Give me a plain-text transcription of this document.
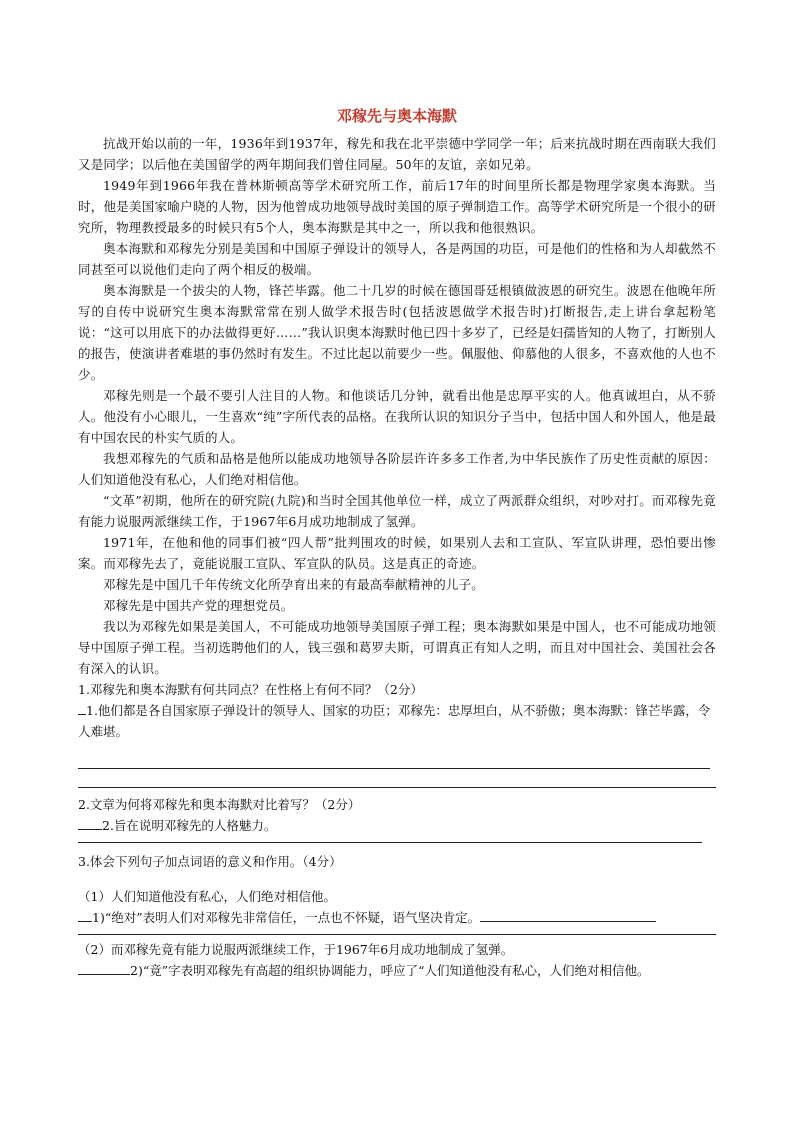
邓稼先与奥本海默

抗战开始以前的一年，1936年到1937年，稼先和我在北平崇德中学同学一年；后来抗战时期在西南联大我们又是同学；以后他在美国留学的两年期间我们曾住同屋。50年的友谊，亲如兄弟。

1949年到1966年我在普林斯顿高等学术研究所工作，前后17年的时间里所长都是物理学家奥本海默。当时，他是美国家喻户晓的人物，因为他曾成功地领导战时美国的原子弹制造工作。高等学术研究所是一个很小的研究所，物理教授最多的时候只有5个人，奥本海默是其中之一，所以我和他很熟识。

奥本海默和邓稼先分别是美国和中国原子弹设计的领导人，各是两国的功臣，可是他们的性格和为人却截然不同甚至可以说他们走向了两个相反的极端。

奥本海默是一个拔尖的人物，锋芒毕露。他二十几岁的时候在德国哥廷根镇做波恩的研究生。波恩在他晚年所写的自传中说研究生奥本海默常常在别人做学术报告时(包括波恩做学术报告时)打断报告,走上讲台拿起粉笔说：“这可以用底下的办法做得更好……”我认识奥本海默时他已四十多岁了，已经是妇孺皆知的人物了，打断别人的报告，使演讲者难堪的事仍然时有发生。不过比起以前要少一些。佩服他、仰慕他的人很多，不喜欢他的人也不少。

邓稼先则是一个最不要引人注目的人物。和他谈话几分钟，就看出他是忠厚平实的人。他真诚坦白，从不骄人。他没有小心眼儿，一生喜欢“纯”字所代表的品格。在我所认识的知识分子当中，包括中国人和外国人，他是最有中国农民的朴实气质的人。

我想邓稼先的气质和品格是他所以能成功地领导各阶层许许多多工作者,为中华民族作了历史性贡献的原因：人们知道他没有私心，人们绝对相信他。

“文革”初期，他所在的研究院(九院)和当时全国其他单位一样，成立了两派群众组织，对吵对打。而邓稼先竟有能力说服两派继续工作，于1967年6月成功地制成了氢弹。

1971年，在他和他的同事们被“四人帮”批判围攻的时候，如果别人去和工宣队、军宣队讲理，恐怕要出惨案。而邓稼先去了，竟能说服工宣队、军宣队的队员。这是真正的奇迹。

邓稼先是中国几千年传统文化所孕育出来的有最高奉献精神的儿子。

邓稼先是中国共产党的理想党员。

我以为邓稼先如果是美国人，不可能成功地领导美国原子弹工程；奥本海默如果是中国人，也不可能成功地领导中国原子弹工程。当初选聘他们的人，钱三强和葛罗夫斯，可谓真正有知人之明，而且对中国社会、美国社会各有深入的认识。

1.邓稼先和奥本海默有何共同点？在性格上有何不同？（2分）

1.他们都是各自国家原子弹设计的领导人、国家的功臣；邓稼先：忠厚坦白，从不骄傲；奥本海默：锋芒毕露，令人难堪。

2.文章为何将邓稼先和奥本海默对比着写？（2分）

2.旨在说明邓稼先的人格魅力。

3.体会下列句子加点词语的意义和作用。（4分）

（1）人们知道他没有私心，人们绝对相信他。

1)“绝对”表明人们对邓稼先非常信任，一点也不怀疑，语气坚决肯定。

（2）而邓稼先竟有能力说服两派继续工作，于1967年6月成功地制成了氢弹。

2)“竟”字表明邓稼先有高超的组织协调能力，呼应了“人们知道他没有私心，人们绝对相信他。
